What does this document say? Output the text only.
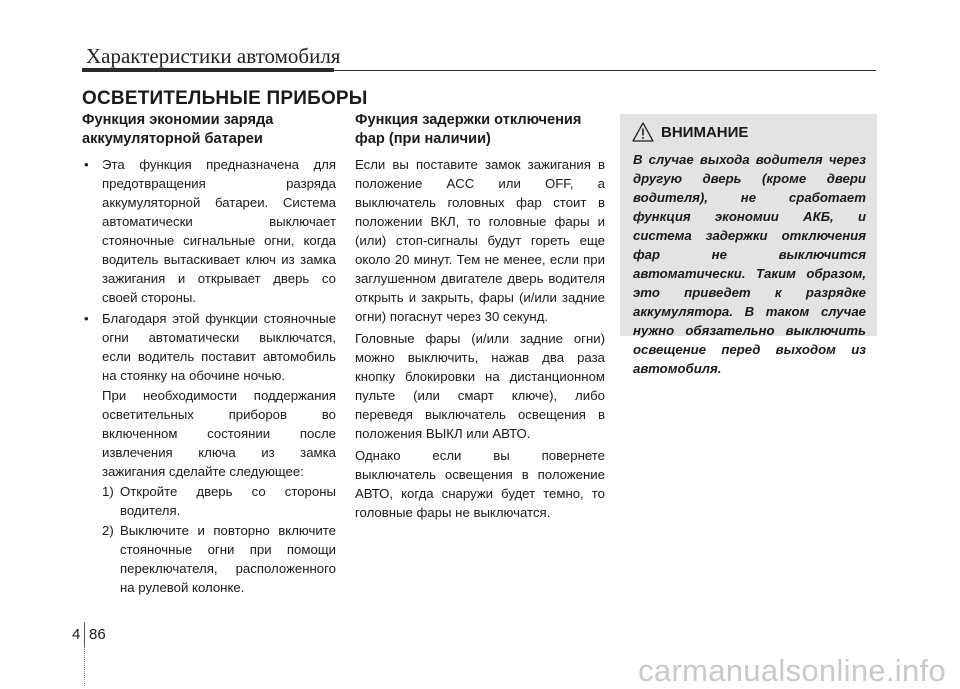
Характеристики автомобиля
ОСВЕТИТЕЛЬНЫЕ ПРИБОРЫ
Функция экономии заряда аккумуляторной батареи
• Эта функция предназначена для предотвращения разряда аккумуляторной батареи. Система автоматически выключает стояночные сигнальные огни, когда водитель вытаскивает ключ из замка зажигания и открывает дверь со своей стороны.
• Благодаря этой функции стояночные огни автоматически выключатся, если водитель поставит автомобиль на стоянку на обочине ночью.
При необходимости поддержания осветительных приборов во включенном состоянии после извлечения ключа из замка зажигания сделайте следующее:
1) Откройте дверь со стороны водителя.
2) Выключите и повторно включите стояночные огни при помощи переключателя, расположенного на рулевой колонке.
Функция задержки отключения фар (при наличии)

Если вы поставите замок зажигания в положение ACC или OFF, а выключатель головных фар стоит в положении ВКЛ, то головные фары и (или) стоп-сигналы будут гореть еще около 20 минут. Тем не менее, если при заглушенном двигателе дверь водителя открыть и закрыть, фары (и/или задние огни) погаснут через 30 секунд.

Головные фары (и/или задние огни) можно выключить, нажав два раза кнопку блокировки на дистанционном пульте (или смарт ключе), либо переведя выключатель освещения в положения ВЫКЛ или АВТО.

Однако если вы повернете выключатель освещения в положение АВТО, когда снаружи будет темно, то головные фары не выключатся.

ВНИМАНИЕ

В случае выхода водителя через другую дверь (кроме двери водителя), не сработает функция экономии АКБ, и система задержки отключения фар не выключится автоматически. Таким образом, это приведет к разрядке аккумулятора. В таком случае нужно обязательно выключить освещение перед выходом из автомобиля.

4 86
carmanualsonline.info
